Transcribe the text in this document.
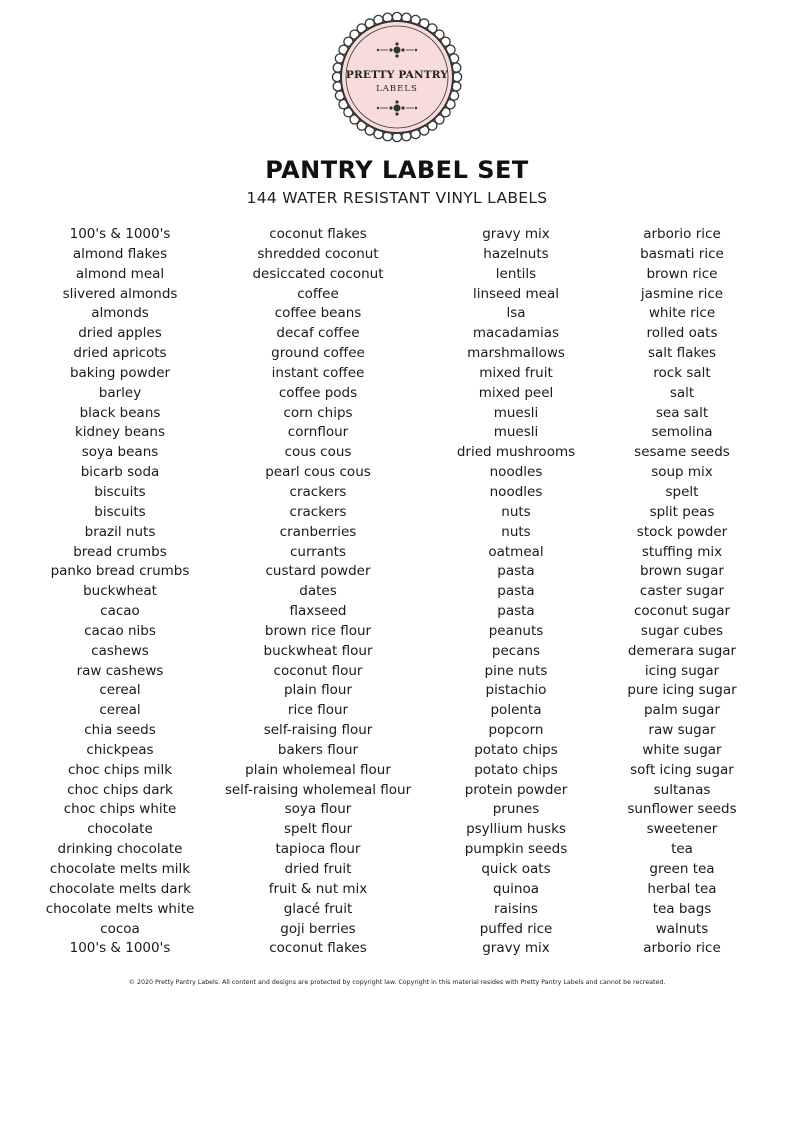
PRETTY PANTRY
LABELS
PANTRY LABEL SET
144 WATER RESISTANT VINYL LABELS
100's & 1000's
almond flakes
almond meal
slivered almonds
almonds
dried apples
dried apricots
baking powder
barley
black beans
kidney beans
soya beans
bicarb soda
biscuits
biscuits
brazil nuts
bread crumbs
panko bread crumbs
buckwheat
cacao
cacao nibs
cashews
raw cashews
cereal
cereal
chia seeds
chickpeas
choc chips milk
choc chips dark
choc chips white
chocolate
drinking chocolate
chocolate melts milk
chocolate melts dark
chocolate melts white
cocoa
100's & 1000's
coconut flakes
shredded coconut
desiccated coconut
coffee
coffee beans
decaf coffee
ground coffee
instant coffee
coffee pods
corn chips
cornflour
cous cous
pearl cous cous
crackers
crackers
cranberries
currants
custard powder
dates
flaxseed
brown rice flour
buckwheat flour
coconut flour
plain flour
rice flour
self-raising flour
bakers flour
plain wholemeal flour
self-raising wholemeal flour
soya flour
spelt flour
tapioca flour
dried fruit
fruit & nut mix
glacé fruit
goji berries
coconut flakes
gravy mix
hazelnuts
lentils
linseed meal
lsa
macadamias
marshmallows
mixed fruit
mixed peel
muesli
muesli
dried mushrooms
noodles
noodles
nuts
nuts
oatmeal
pasta
pasta
pasta
peanuts
pecans
pine nuts
pistachio
polenta
popcorn
potato chips
potato chips
protein powder
prunes
psyllium husks
pumpkin seeds
quick oats
quinoa
raisins
puffed rice
gravy mix
arborio rice
basmati rice
brown rice
jasmine rice
white rice
rolled oats
salt flakes
rock salt
salt
sea salt
semolina
sesame seeds
soup mix
spelt
split peas
stock powder
stuffing mix
brown sugar
caster sugar
coconut sugar
sugar cubes
demerara sugar
icing sugar
pure icing sugar
palm sugar
raw sugar
white sugar
soft icing sugar
sultanas
sunflower seeds
sweetener
tea
green tea
herbal tea
tea bags
walnuts
arborio rice
© 2020 Pretty Pantry Labels. All content and designs are protected by copyright law. Copyright in this material resides with Pretty Pantry Labels and cannot be recreated.
